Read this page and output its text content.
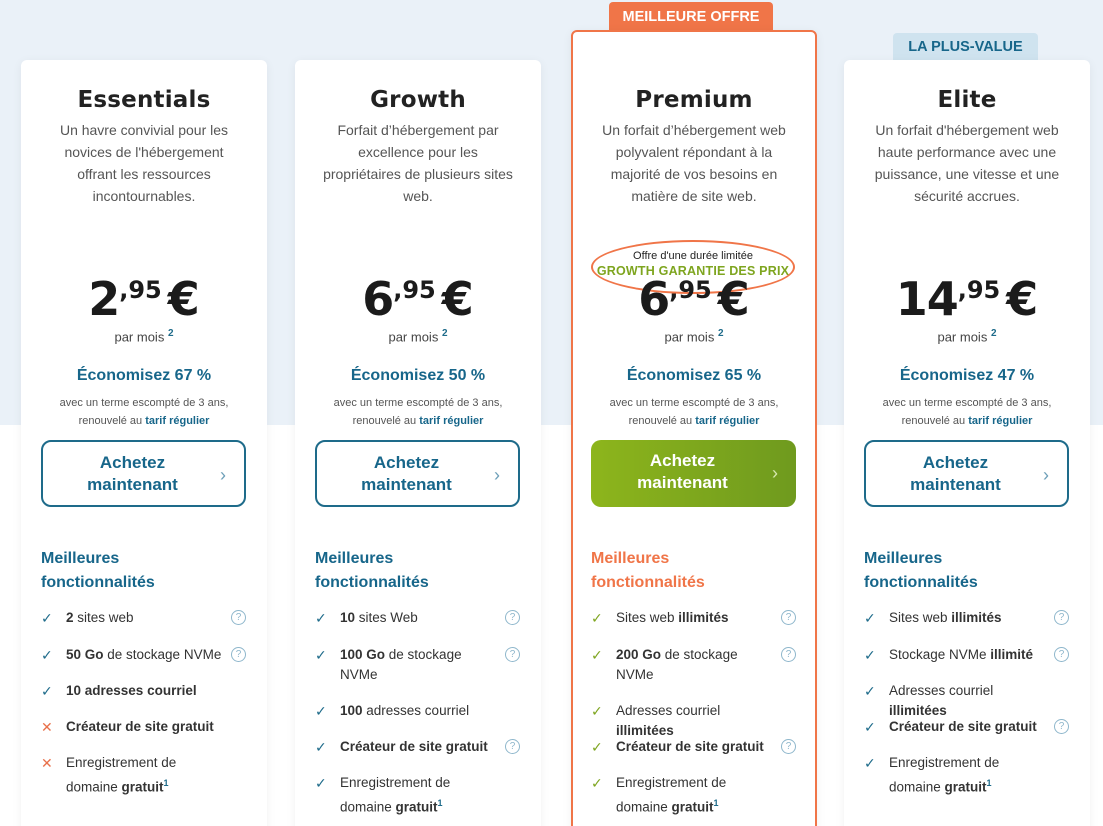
MEILLEURE OFFRE
LA PLUS-VALUE
Essentials
Un havre convivial pour les novices de l'hébergement offrant les ressources incontournables.
2,95 €
par mois $^2$
Économisez 67 %
avec un terme escompté de 3 ans,
renouvelé au tarif régulier
Achetez
maintenant	›
Meilleures
fonctionnalités
✓ 2 sites web	?
✓ 50 Go de stockage NVMe	?
✓ 10 adresses courriel
✕ Créateur de site gratuit
✕ Enregistrement de domaine gratuit$^1$
Growth
Forfait d’hébergement par excellence pour les propriétaires de plusieurs sites web.
6,95 €
par mois $^2$
Économisez 50 %
avec un terme escompté de 3 ans,
renouvelé au tarif régulier
Achetez
maintenant	›
Meilleures
fonctionnalités
✓ 10 sites Web	?
✓ 100 Go de stockage NVMe
?
✓ 100 adresses courriel
✓ Créateur de site gratuit	?
✓ Enregistrement de domaine gratuit$^1$
Premium
Un forfait d’hébergement web polyvalent répondant à la majorité de vos besoins en matière de site web.
Offre d'une durée limitée
GROWTH GARANTIE DES PRIX
6,95 €
par mois $^2$
Économisez 65 %
avec un terme escompté de 3 ans,
renouvelé au tarif régulier
Achetez
maintenant	›
Meilleures
fonctionnalités
✓ Sites web illimités	?
✓ 200 Go de stockage NVMe
?
✓ Adresses courriel illimitées
✓ Créateur de site gratuit	?
✓ Enregistrement de domaine gratuit$^1$
Elite
Un forfait d'hébergement web haute performance avec une puissance, une vitesse et une sécurité accrues.
14,95 €
par mois $^2$
Économisez 47 %
avec un terme escompté de 3 ans,
renouvelé au tarif régulier
Achetez
maintenant	›
Meilleures
fonctionnalités
✓ Sites web illimités	?
✓ Stockage NVMe illimité	?
✓ Adresses courriel illimitées
✓ Créateur de site gratuit	?
✓ Enregistrement de domaine gratuit$^1$
